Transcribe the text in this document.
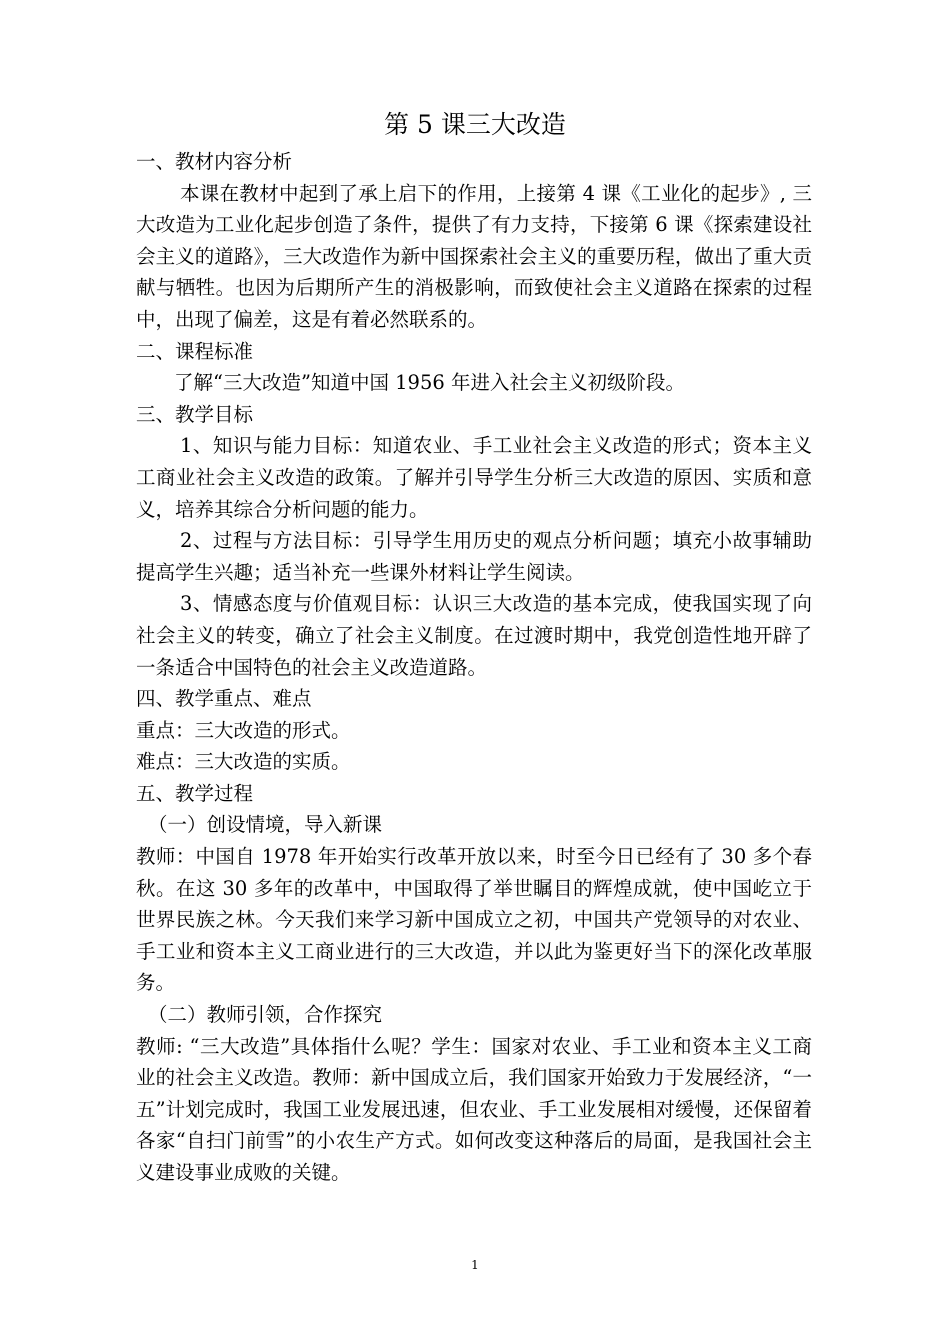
第 5 课三大改造

一、教材内容分析

本课在教材中起到了承上启下的作用，上接第 4 课《工业化的起步》, 三大改造为工业化起步创造了条件，提供了有力支持，下接第 6 课《探索建设社会主义的道路》，三大改造作为新中国探索社会主义的重要历程，做出了重大贡献与牺牲。也因为后期所产生的消极影响，而致使社会主义道路在探索的过程中，出现了偏差，这是有着必然联系的。

二、课程标准

了解“三大改造”知道中国 1956 年进入社会主义初级阶段。

三、教学目标

1、知识与能力目标：知道农业、手工业社会主义改造的形式；资本主义工商业社会主义改造的政策。了解并引导学生分析三大改造的原因、实质和意义，培养其综合分析问题的能力。

2、过程与方法目标：引导学生用历史的观点分析问题；填充小故事辅助提高学生兴趣；适当补充一些课外材料让学生阅读。

3、情感态度与价值观目标：认识三大改造的基本完成，使我国实现了向社会主义的转变，确立了社会主义制度。在过渡时期中，我党创造性地开辟了一条适合中国特色的社会主义改造道路。

四、教学重点、难点

重点：三大改造的形式。

难点：三大改造的实质。

五、教学过程

（一）创设情境，导入新课

教师：中国自 1978 年开始实行改革开放以来，时至今日已经有了 30 多个春秋。在这 30 多年的改革中，中国取得了举世瞩目的辉煌成就，使中国屹立于世界民族之林。今天我们来学习新中国成立之初，中国共产党领导的对农业、手工业和资本主义工商业进行的三大改造，并以此为鉴更好当下的深化改革服务。

（二）教师引领，合作探究

教师: “三大改造”具体指什么呢？学生：国家对农业、手工业和资本主义工商业的社会主义改造。教师：新中国成立后，我们国家开始致力于发展经济，“一五”计划完成时，我国工业发展迅速，但农业、手工业发展相对缓慢，还保留着各家“自扫门前雪”的小农生产方式。如何改变这种落后的局面，是我国社会主义建设事业成败的关键。

1
